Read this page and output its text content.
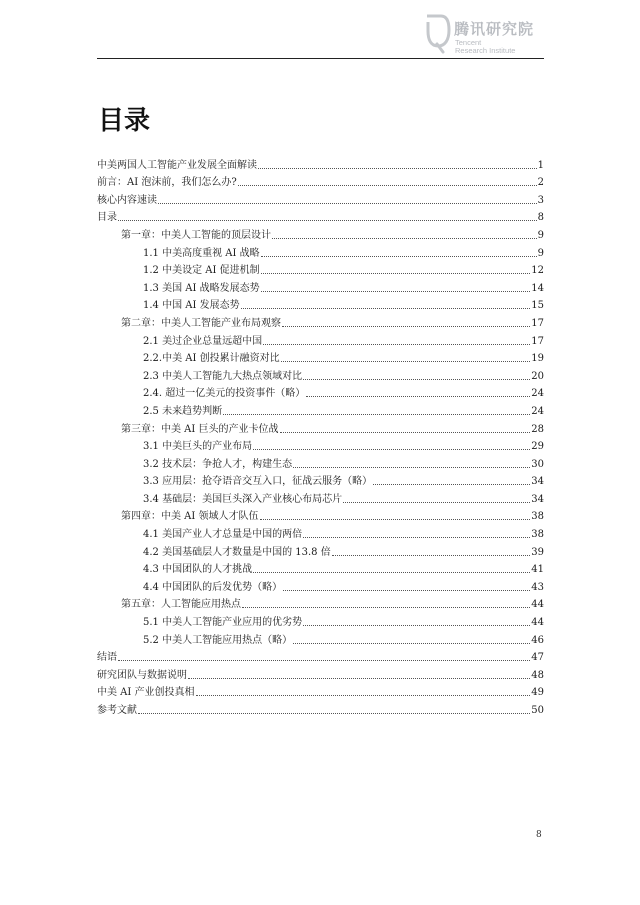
腾讯研究院
Tencent
Research Institute
目录
中美两国人工智能产业发展全面解读	1
前言：AI 泡沫前，我们怎么办?	2
核心内容速读	3
目录	8
第一章：中美人工智能的顶层设计	9
1.1 中美高度重视 AI 战略	9
1.2 中美设定 AI 促进机制	12
1.3 美国 AI 战略发展态势	14
1.4 中国 AI 发展态势	15
第二章：中美人工智能产业布局观察	17
2.1 美过企业总量远超中国	17
2.2.中美 AI 创投累计融资对比	19
2.3 中美人工智能九大热点领域对比	20
2.4. 超过一亿美元的投资事件（略）	24
2.5 未来趋势判断	24
第三章：中美 AI 巨头的产业卡位战	28
3.1 中美巨头的产业布局	29
3.2 技术层：争抢人才，构建生态	30
3.3 应用层：抢夺语音交互入口，征战云服务（略）	34
3.4 基础层：美国巨头深入产业核心布局芯片	34
第四章：中美 AI 领域人才队伍	38
4.1 美国产业人才总量是中国的两倍	38
4.2 美国基础层人才数量是中国的 13.8 倍	39
4.3 中国团队的人才挑战	41
4.4 中国团队的后发优势（略）	43
第五章：人工智能应用热点	44
5.1 中美人工智能产业应用的优劣势	44
5.2 中美人工智能应用热点（略）	46
结语	47
研究团队与数据说明	48
中美 AI 产业创投真相	49
参考文献	50
8
